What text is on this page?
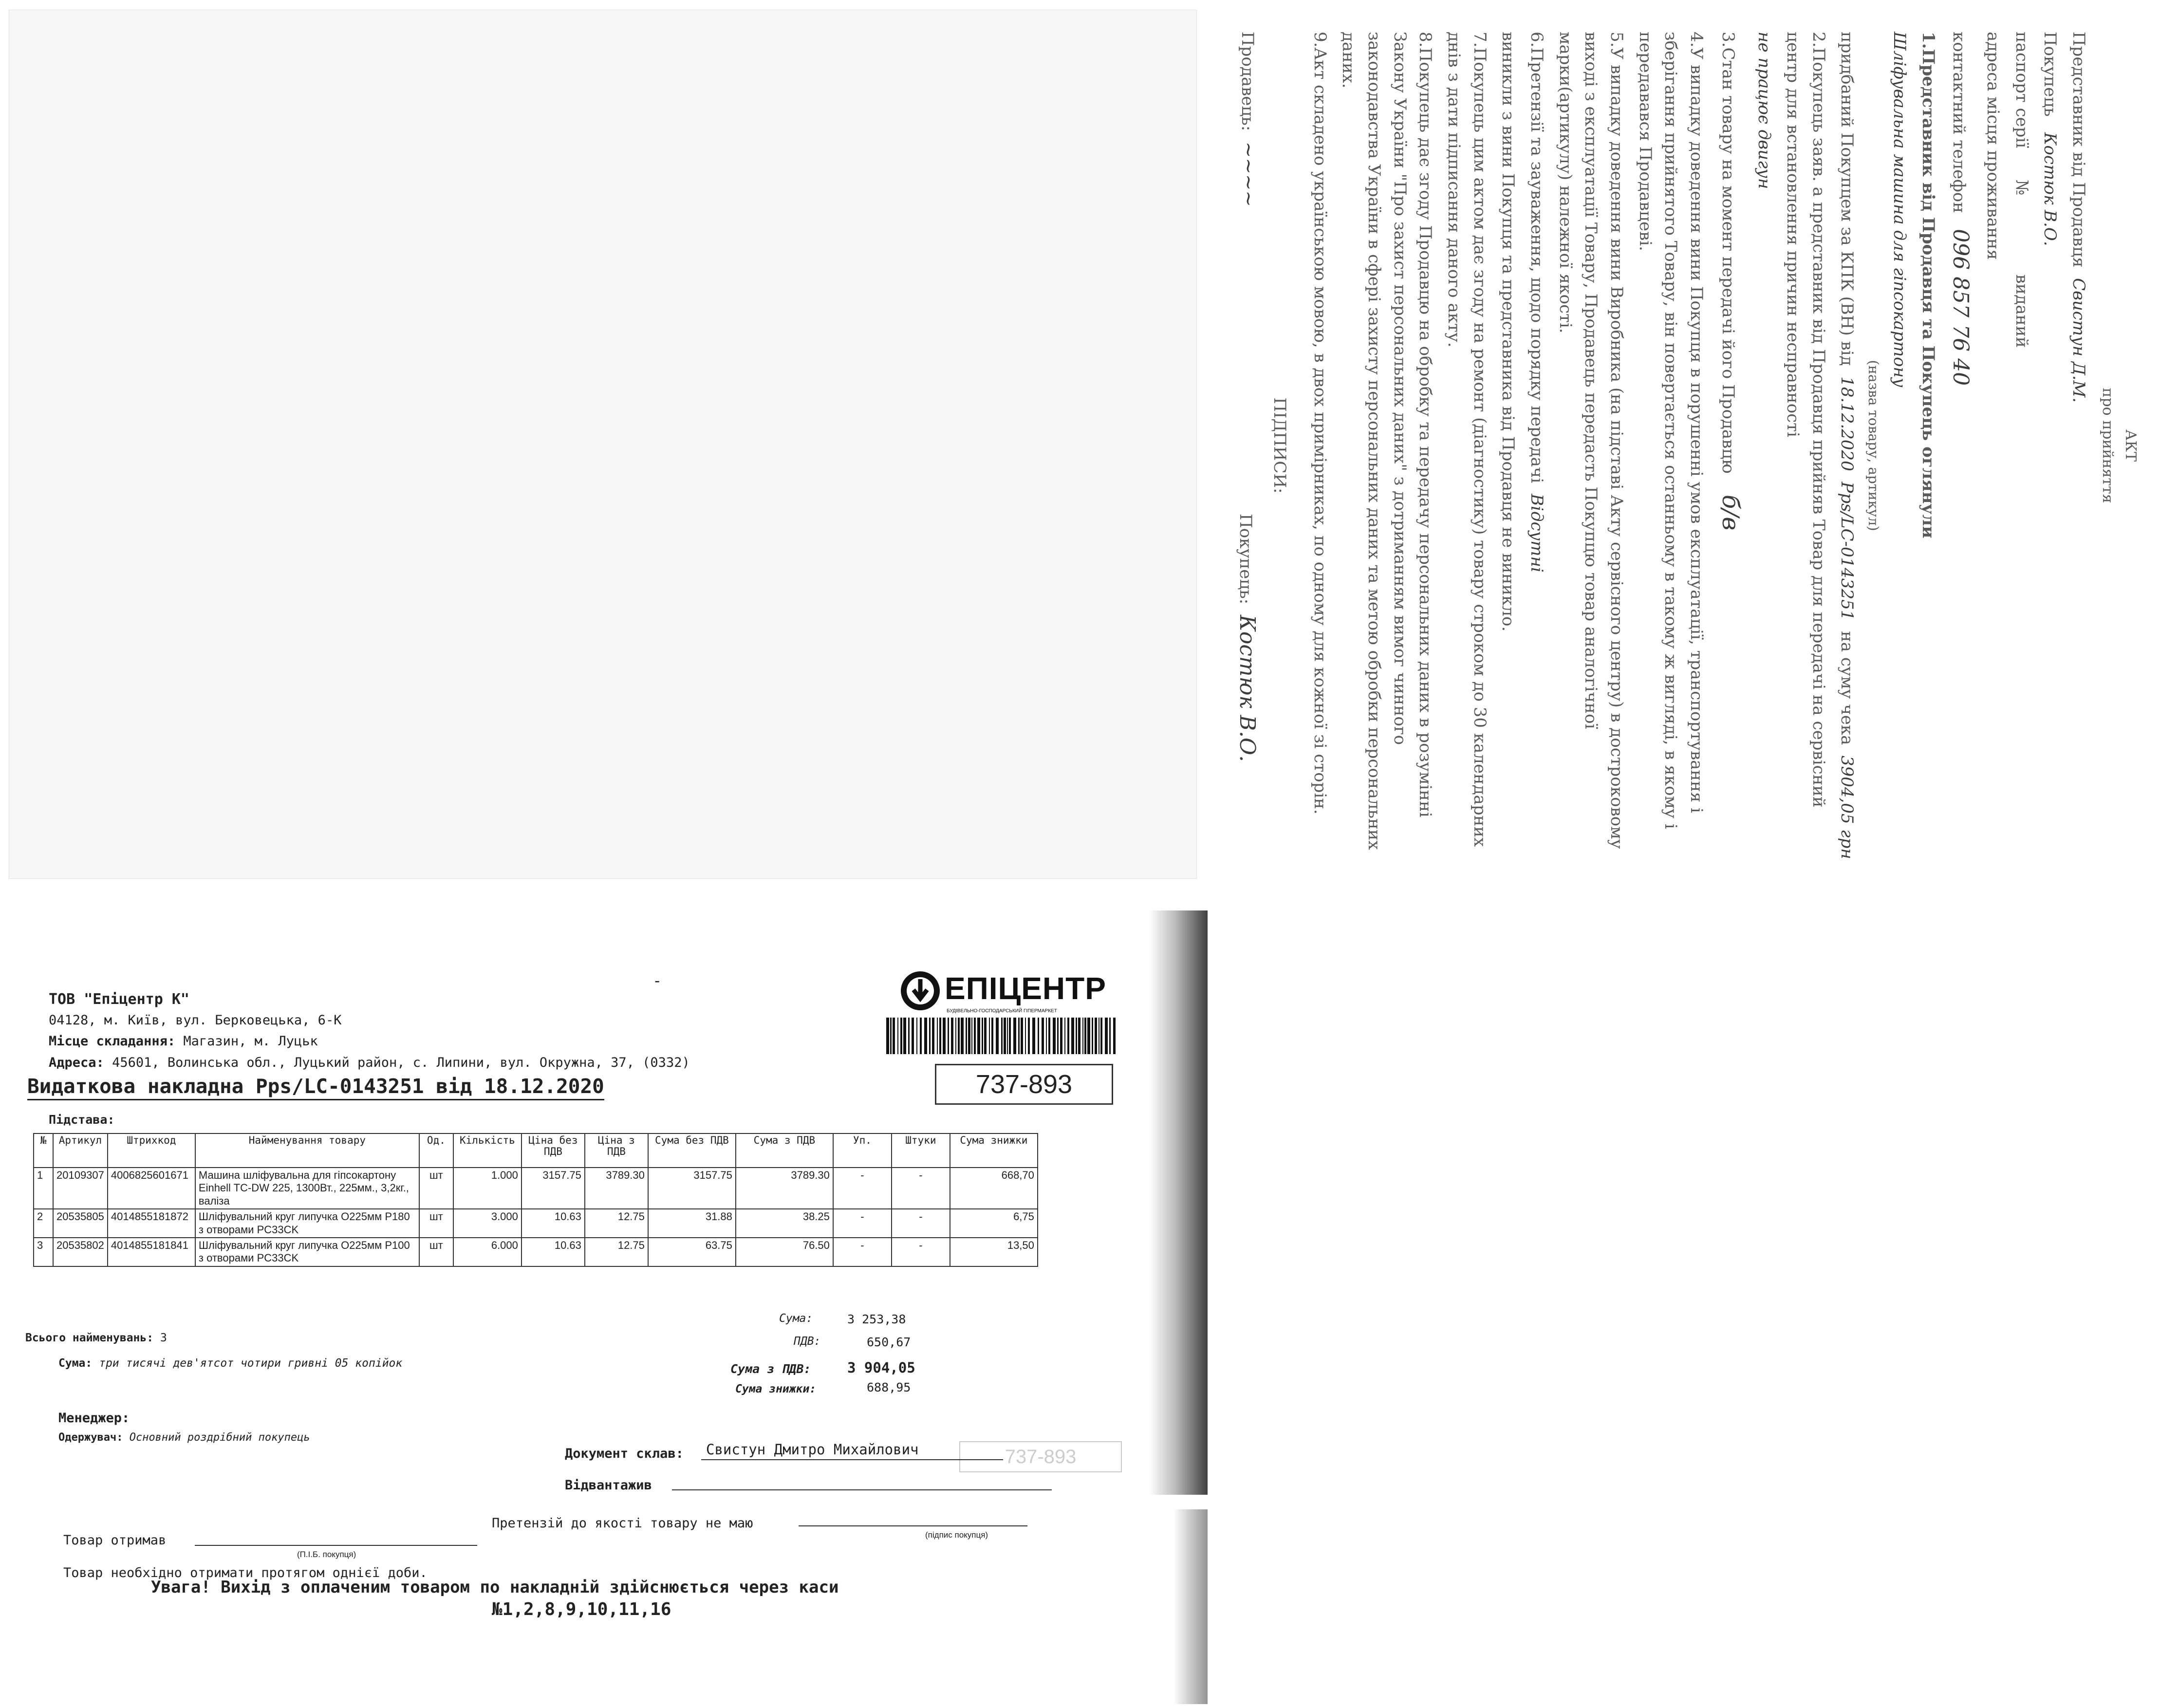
АКТ
про прийняття
Представник від Продавця  Свистун Д.М.
Покупець   Костюк В.О.
паспорт серії      №               виданий
адреса місця проживання
контактний телефон   096 857 76 40
1.Представник від Продавця та Покупець оглянули
Шліфувальна машина для гіпсокартону
(назва товару, артикул)
придбаний Покупцем за КПК (ВН) від  18.12.2020  Pps/LC-0143251  на суму чека  3904,05 грн
2.Покупець заяв. а представник від Продавця прийняв Товар для передачі на сервісний центр для встановлення причин несправності
не працює двигун
3.Стан товару на момент передачі його Продавцю    б/в
4.У випадку доведення вини Покупця в порушенні умов експлуатації, транспортування і зберігання прийнятого Товару, він повертається останньому в такому ж вигляді, в якому і передавався Продавцеві.
5.У випадку доведення вини Виробника (на підставі Акту сервісного центру) в достроковому виході з експлуатації Товару, Продавець передасть Покупцю товар аналогічної марки(артикулу) належної якості.
6.Претензії та зауваження, щодо порядку передачі  Відсутні
виникли з вини Покупця та представника від Продавця не виникло.
7.Покупець цим актом дає згоду на ремонт (діагностику) товару строком до 30 календарних днів з дати підписання даного акту.
8.Покупець дає згоду Продавцю на обробку та передачу персональних даних в розумінні Закону України "Про захист персональних даних" з дотриманням вимог чинного законодавства України в сфері захисту персональних даних та метою обробки персональних даних.
9.Акт складено українською мовою, в двох примірниках, по одному для кожної зі сторін.
ПІДПИСИ:
Продавець:  ~~~~
Покупець:  Костюк В.О.
-
ТОВ "Епіцентр К"
04128, м. Київ, вул. Берковецька, 6-К
Місце складання: Магазин, м. Луцьк
Адреса: 45601, Волинська обл., Луцький район, с. Липини, вул. Окружна, 37, (0332)
Видаткова накладна Pps/LC-0143251 від 18.12.2020
Підстава:
ЕПІЦЕНТР
БУДІВЕЛЬНО-ГОСПОДАРСЬКИЙ ГІПЕРМАРКЕТ
737-893
№	Артикул	Штрихкод	Найменування товару	Од.	Кількість	Ціна без ПДВ	Ціна з ПДВ	Сума без ПДВ	Сума з ПДВ	Уп.	Штуки	Сума знижки
1	20109307	4006825601671	Машина шліфувальна для гіпсокартону Einhell TC-DW 225, 1300Вт., 225мм., 3,2кг., валіза	шт	1.000	3157.75	3789.30	3157.75	3789.30	-	-	668,70
2	20535805	4014855181872	Шліфувальний круг липучка О225мм Р180 з отворами PC33CK	шт	3.000	10.63	12.75	31.88	38.25	-	-	6,75
3	20535802	4014855181841	Шліфувальний круг липучка О225мм Р100 з отворами PC33CK	шт	6.000	10.63	12.75	63.75	76.50	-	-	13,50
Всього найменувань: 3
Сума:	3 253,38
ПДВ:	650,67
Сума: три тисячі дев'ятсот чотири гривні 05 копійок	Сума з ПДВ:	3 904,05
Сума знижки:	688,95
Менеджер:
Одержувач: Основний роздрібний покупець
737-893
Документ склав: Свистун Дмитро Михайлович
Відвантажив
Товар отримав
(П.І.Б. покупця)
Претензій до якості товару не маю
(підпис покупця)
Товар необхідно отримати протягом однієї доби.
Увага! Вихід з оплаченим товаром по накладній здійснюється через каси
№1,2,8,9,10,11,16
